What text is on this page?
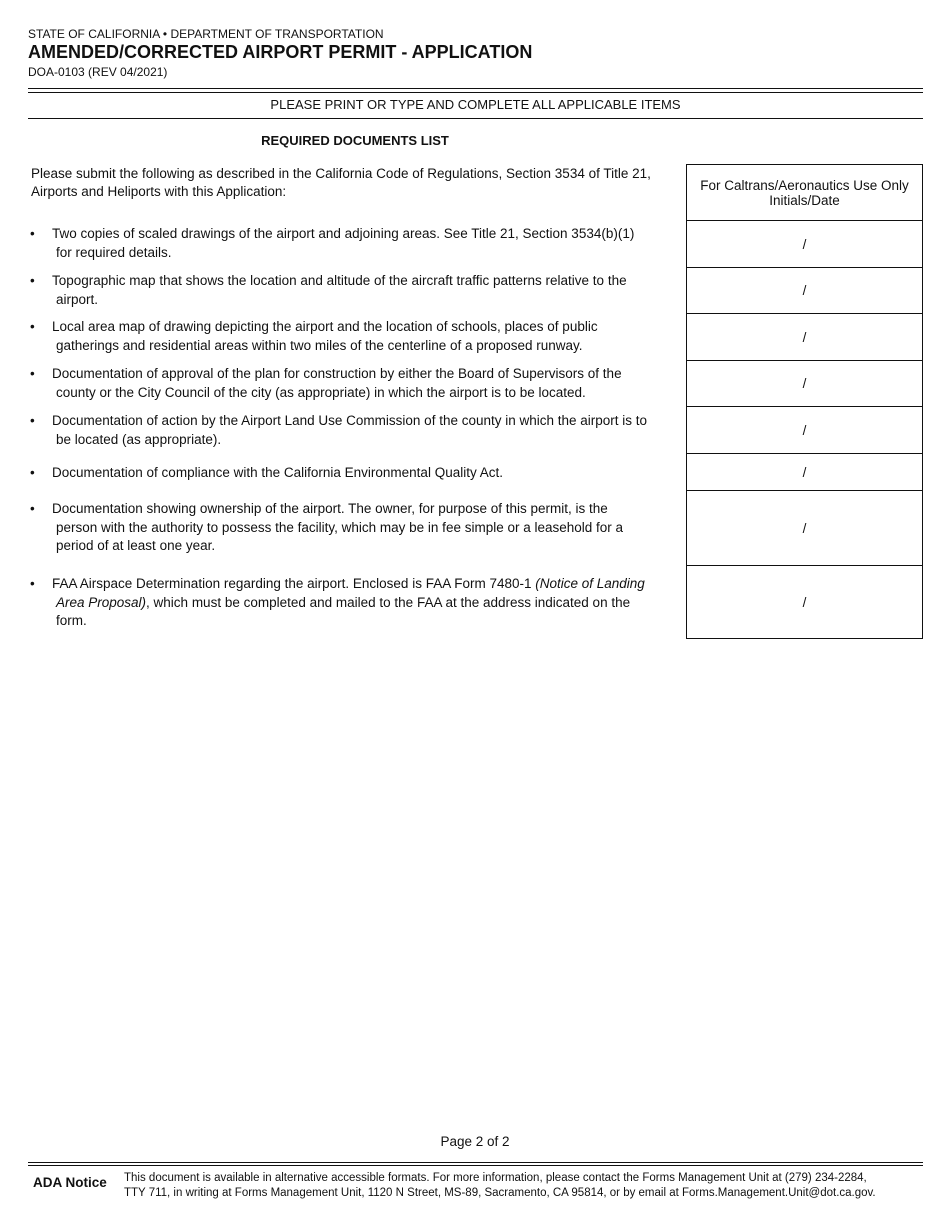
STATE OF CALIFORNIA • DEPARTMENT OF TRANSPORTATION
AMENDED/CORRECTED AIRPORT PERMIT - APPLICATION
DOA-0103 (REV 04/2021)
PLEASE PRINT OR TYPE AND COMPLETE ALL APPLICABLE ITEMS
REQUIRED DOCUMENTS LIST
Please submit the following as described in the California Code of Regulations, Section 3534 of Title 21,
Airports and Heliports with this Application:
• Two copies of scaled drawings of the airport and adjoining areas. See Title 21, Section 3534(b)(1)
for required details.
• Topographic map that shows the location and altitude of the aircraft traffic patterns relative to the
airport.
• Local area map of drawing depicting the airport and the location of schools, places of public
gatherings and residential areas within two miles of the centerline of a proposed runway.
• Documentation of approval of the plan for construction by either the Board of Supervisors of the
county or the City Council of the city (as appropriate) in which the airport is to be located.
• Documentation of action by the Airport Land Use Commission of the county in which the airport is to
be located (as appropriate).
• Documentation of compliance with the California Environmental Quality Act.
• Documentation showing ownership of the airport. The owner, for purpose of this permit, is the
person with the authority to possess the facility, which may be in fee simple or a leasehold for a
period of at least one year.
• FAA Airspace Determination regarding the airport. Enclosed is FAA Form 7480-1 (Notice of Landing
Area Proposal), which must be completed and mailed to the FAA at the address indicated on the
form.
For Caltrans/Aeronautics Use Only
Initials/Date
/
/
/
/
/
/
/
/
Page 2 of 2
ADA Notice This document is available in alternative accessible formats. For more information, please contact the Forms Management Unit at (279) 234-2284,
TTY 711, in writing at Forms Management Unit, 1120 N Street, MS-89, Sacramento, CA 95814, or by email at Forms.Management.Unit@dot.ca.gov.
